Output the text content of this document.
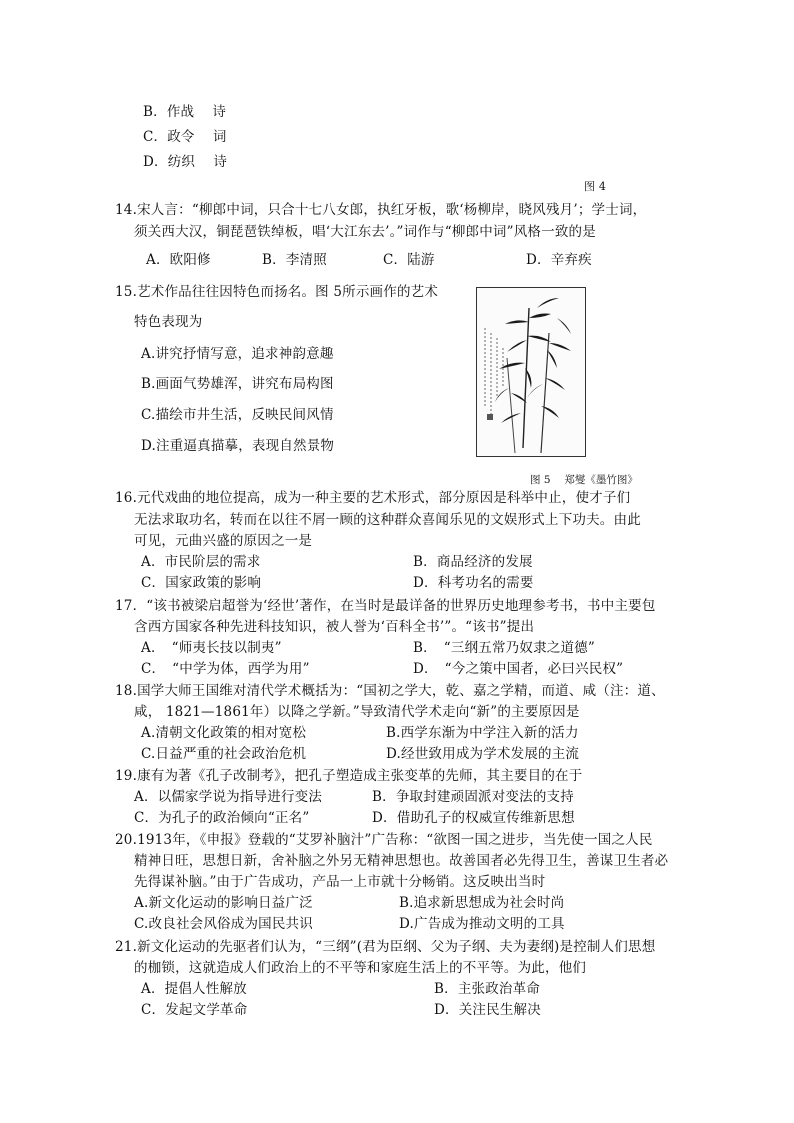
B．作战　 诗
C．政令　 词
D．纺织　 诗
图 4
14.宋人言：“柳郎中词，只合十七八女郎，执红牙板，歌‘杨柳岸，晓风残月’；学士词，
须关西大汉，铜琵琶铁绰板，唱‘大江东去’。”词作与“柳郎中词”风格一致的是
A．欧阳修	B．李清照	C．陆游	D．辛弃疾
15.艺术作品往往因特色而扬名。图 5所示画作的艺术
特色表现为
A.讲究抒情写意，追求神韵意趣
B.画面气势雄浑，讲究布局构图
C.描绘市井生活，反映民间风情
D.注重逼真描摹，表现自然景物
图 5　 郑燮《墨竹图》
16.元代戏曲的地位提高，成为一种主要的艺术形式，部分原因是科举中止，使才子们
无法求取功名，转而在以往不屑一顾的这种群众喜闻乐见的文娱形式上下功夫。由此
可见，元曲兴盛的原因之一是
A．市民阶层的需求	B．商品经济的发展
C．国家政策的影响	D．科考功名的需要
17．“该书被梁启超誉为‘经世’著作，在当时是最详备的世界历史地理参考书，书中主要包
含西方国家各种先进科技知识，被人誉为‘百科全书’”。“该书”提出
A．　“师夷长技以制夷”	B．　“三纲五常乃奴隶之道德”
C．　“中学为体，西学为用”	D．　“今之策中国者，必曰兴民权”
18.国学大师王国维对清代学术概括为：“国初之学大，乾、嘉之学精，而道、咸（注：道、
咸， 1821—1861年）以降之学新。”导致清代学术走向“新”的主要原因是
A.清朝文化政策的相对宽松	B.西学东渐为中学注入新的活力
C.日益严重的社会政治危机	D.经世致用成为学术发展的主流
19.康有为著《孔子改制考》，把孔子塑造成主张变革的先师，其主要目的在于
A．以儒家学说为指导进行变法	B．争取封建顽固派对变法的支持
C．为孔子的政治倾向“正名”	D．借助孔子的权威宣传维新思想
20.1913年，《申报》登载的“艾罗补脑汁”广告称：“欲图一国之进步，当先使一国之人民
精神日旺，思想日新，舍补脑之外另无精神思想也。故善国者必先得卫生，善谋卫生者必
先得谋补脑。”由于广告成功，产品一上市就十分畅销。这反映出当时
A.新文化运动的影响日益广泛	B.追求新思想成为社会时尚
C.改良社会风俗成为国民共识	D.广告成为推动文明的工具
21.新文化运动的先驱者们认为，“三纲”(君为臣纲、父为子纲、夫为妻纲)是控制人们思想
的枷锁，这就造成人们政治上的不平等和家庭生活上的不平等。为此，他们
A．提倡人性解放	B．主张政治革命
C．发起文学革命	D．关注民生解决
